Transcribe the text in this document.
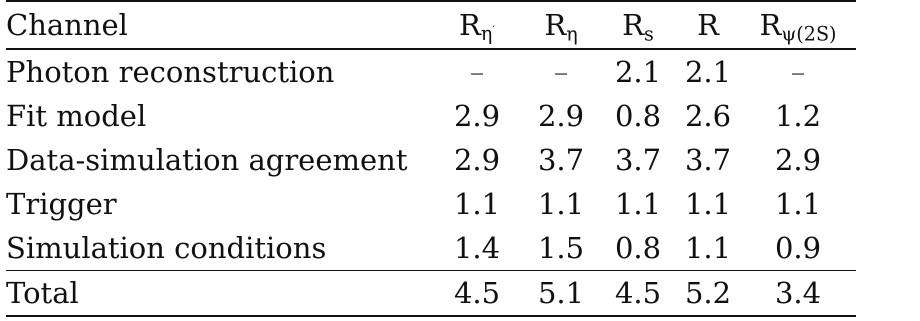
Channel	$R_{\eta'}$	$R_\eta$	$R_s$	R	$R_{\psi(2S)}$
Photon reconstruction	–	–	2.1	2.1	–
Fit model	2.9	2.9	0.8	2.6	1.2
Data-simulation agreement	2.9	3.7	3.7	3.7	2.9
Trigger	1.1	1.1	1.1	1.1	1.1
Simulation conditions	1.4	1.5	0.8	1.1	0.9
Total	4.5	5.1	4.5	5.2	3.4
